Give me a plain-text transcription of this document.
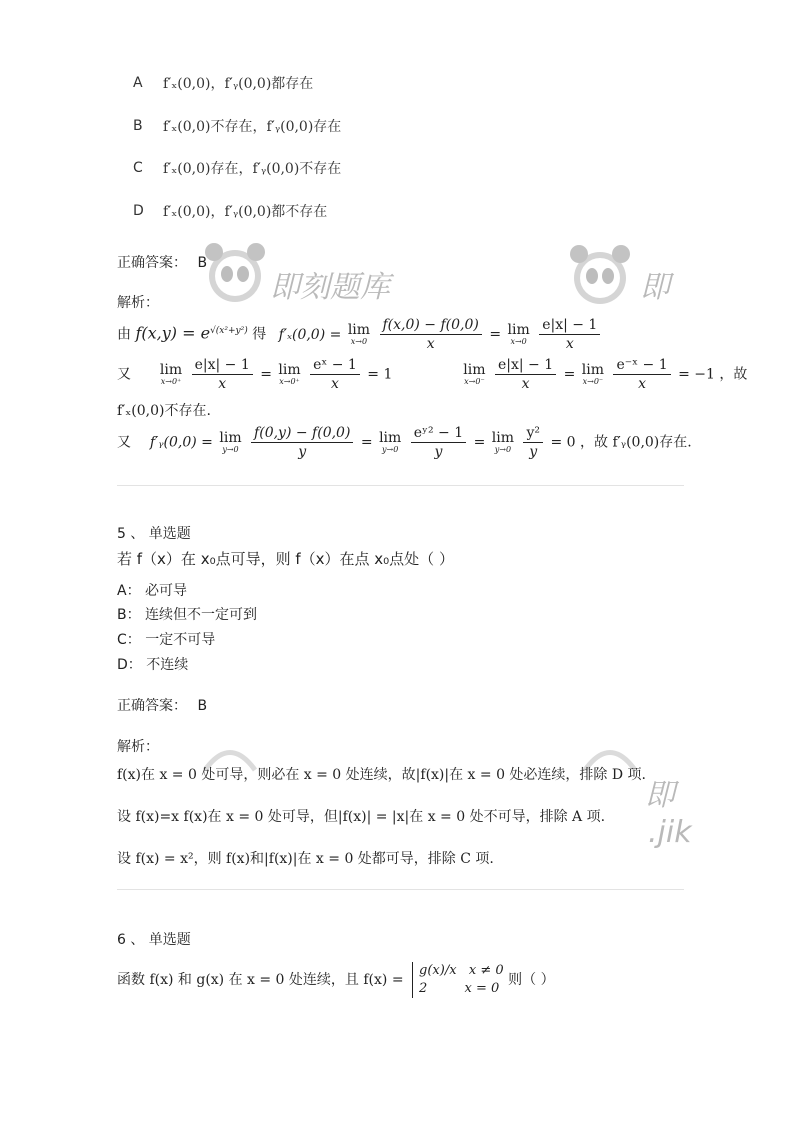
即刻题库	即
即
.jik
A f′ₓ(0,0)，f′ᵧ(0,0)都存在
B f′ₓ(0,0)不存在，f′ᵧ(0,0)存在
C f′ₓ(0,0)存在，f′ᵧ(0,0)不存在
D f′ₓ(0,0)，f′ᵧ(0,0)都不存在
正确答案： B
解析：
由 $f(x,y) = e^{√(x^2+y^2)}$ 得 f′ₓ(0,0) = lim
x→0
$\frac{f(x,0) - f(0,0)}{x} = \lim$
x→0
$\frac{e|x| - 1}{x}$
又 lim
x→0⁺
$\frac{e|x| - 1}{x} = \lim$
x→0⁺
$\frac{\text{eˣ − 1}}{x} = 1$	lim
x→0⁻
$\frac{e|x| - 1}{x} = \lim$
x→0⁻
$\frac{\text{e⁻ˣ − 1}}{x} = -1$ ，故
f′ₓ(0,0)不存在.
又 f′ᵧ(0,0) = lim
y→0
$\frac{f(0,y) - f(0,0)}{y} = \lim$
y→0
$\frac{\text{eʸ² − 1}}{y} = \lim$
y→0
$\frac{\text{y²}}{y} = 0$ ，故 f′ᵧ(0,0)存在.
5 、 单选题
若 f（x）在 x₀点可导，则 f（x）在点 x₀点处（ ）
A： 必可导
B： 连续但不一定可到
C： 一定不可导
D： 不连续
正确答案： B
解析：
f(x)在 x = 0 处可导，则必在 x = 0 处连续，故|f(x)|在 x = 0 处必连续，排除 D 项.
设 f(x)=x f(x)在 x = 0 处可导，但|f(x)| = |x|在 x = 0 处不可导，排除 A 项.
设 f(x) = x²，则 f(x)和|f(x)|在 x = 0 处都可导，排除 C 项.
6 、 单选题
函数 f(x) 和 g(x) 在 x = 0 处连续，且 f(x) =
g(x)/x   x ≠ 0
2         x = 0
则（ ）
